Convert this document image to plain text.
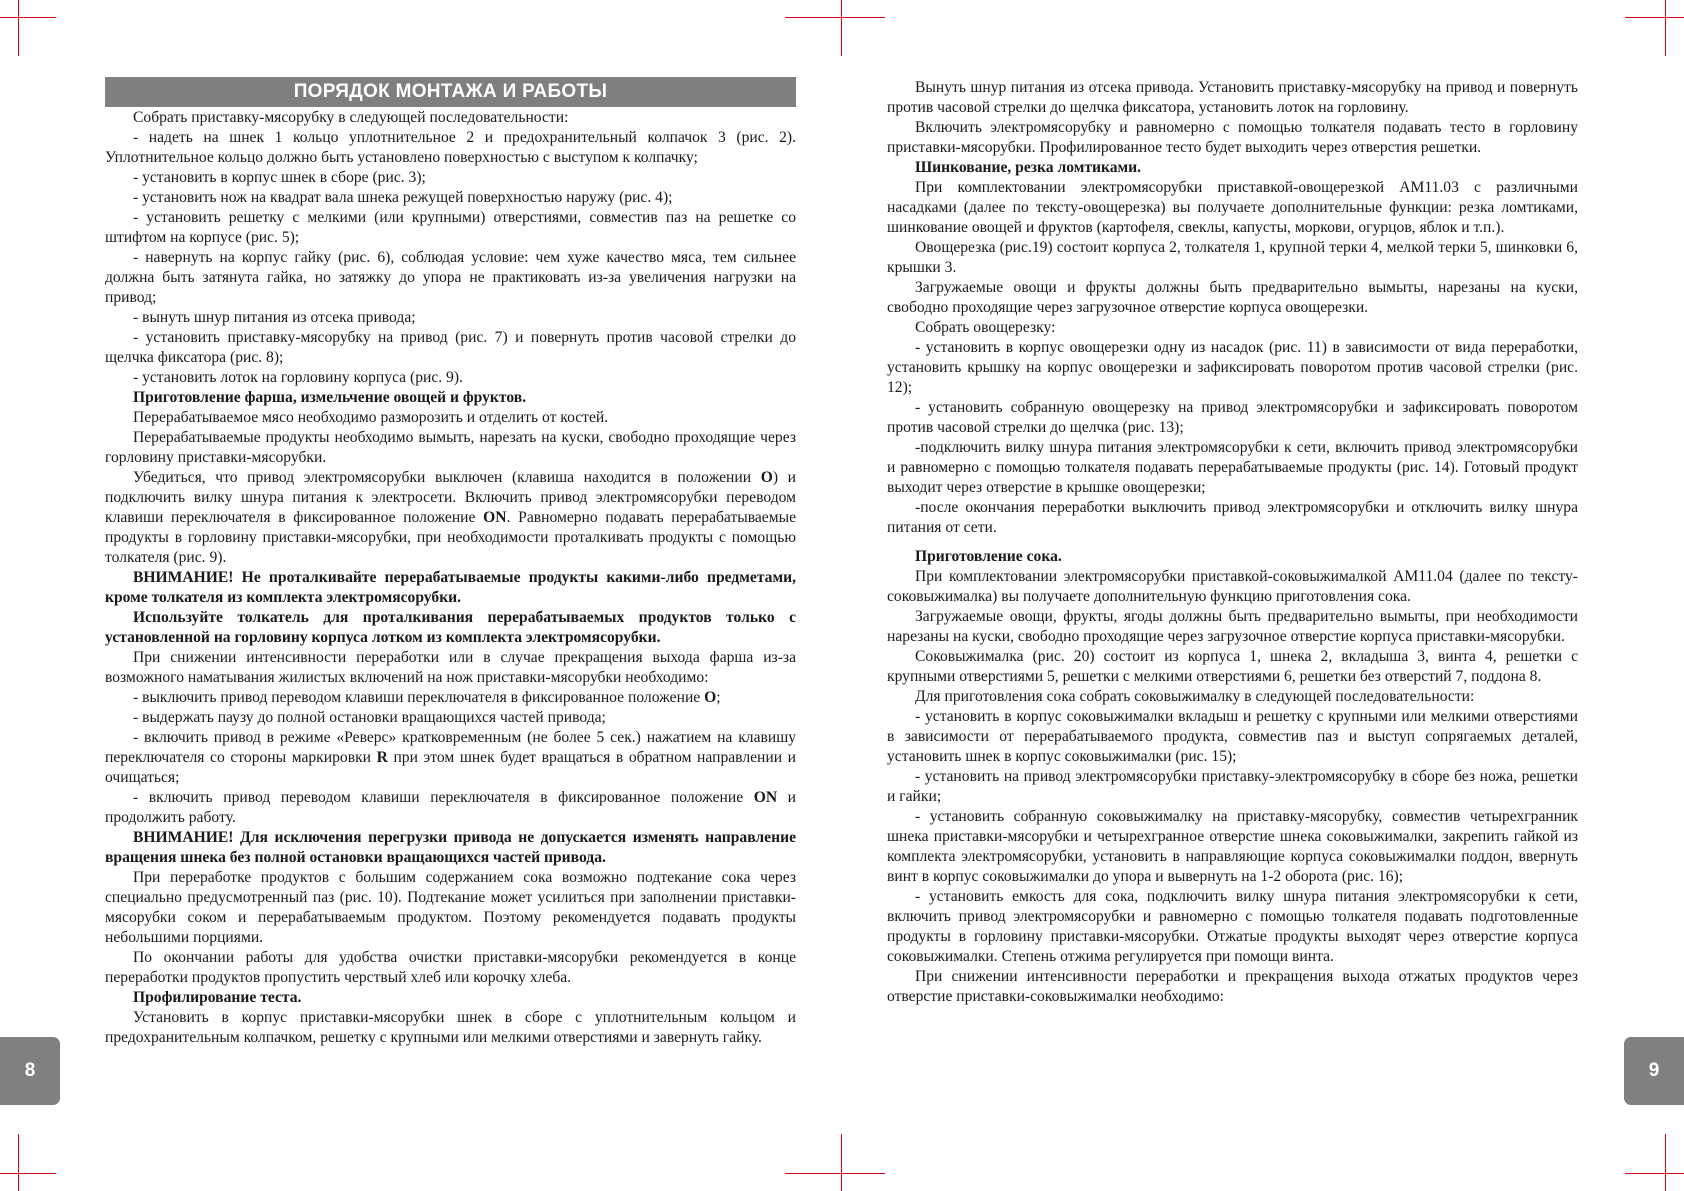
8	9
ПОРЯДОК МОНТАЖА И РАБОТЫ

Собрать приставку-мясорубку в следующей последовательности:

- надеть на шнек 1 кольцо уплотнительное 2 и предохранительный колпачок 3 (рис. 2). Уплотнительное кольцо должно быть установлено поверхностью с выступом к колпачку;

- установить в корпус шнек в сборе (рис. 3);

- установить нож на квадрат вала шнека режущей поверхностью наружу (рис. 4);

- установить решетку с мелкими (или крупными) отверстиями, совместив паз на решетке со штифтом на корпусе (рис. 5);

- навернуть на корпус гайку (рис. 6), соблюдая условие: чем хуже качество мяса, тем сильнее должна быть затянута гайка, но затяжку до упора не практиковать из-за увеличения нагрузки на привод;

- вынуть шнур питания из отсека привода;

- установить приставку-мясорубку на привод (рис. 7) и повернуть против часовой стрелки до щелчка фиксатора (рис. 8);

- установить лоток на горловину корпуса (рис. 9).

Приготовление фарша, измельчение овощей и фруктов.

Перерабатываемое мясо необходимо разморозить и отделить от костей.

Перерабатываемые продукты необходимо вымыть, нарезать на куски, свободно проходящие через горловину приставки-мясорубки.

Убедиться, что привод электромясорубки выключен (клавиша находится в положении O) и подключить вилку шнура питания к электросети. Включить привод электромясорубки переводом клавиши переключателя в фиксированное положение ON. Равномерно подавать перерабатываемые продукты в горловину приставки-мясорубки, при необходимости проталкивать продукты с помощью толкателя (рис. 9).

ВНИМАНИЕ! Не проталкивайте перерабатываемые продукты какими-либо предметами, кроме толкателя из комплекта электромясорубки.

Используйте толкатель для проталкивания перерабатываемых продуктов только с установленной на горловину корпуса лотком из комплекта электромясорубки.

При снижении интенсивности переработки или в случае прекращения выхода фарша из-за возможного наматывания жилистых включений на нож приставки-мясорубки необходимо:

- выключить привод переводом клавиши переключателя в фиксированное положение O;

- выдержать паузу до полной остановки вращающихся частей привода;

- включить привод в режиме «Реверс» кратковременным (не более 5 сек.) нажатием на клавишу переключателя со стороны маркировки R при этом шнек будет вращаться в обратном направлении и очищаться;

- включить привод переводом клавиши переключателя в фиксированное положение ON и продолжить работу.

ВНИМАНИЕ! Для исключения перегрузки привода не допускается изменять направление вращения шнека без полной остановки вращающихся частей привода.

При переработке продуктов с большим содержанием сока возможно подтекание сока через специально предусмотренный паз (рис. 10). Подтекание может усилиться при заполнении приставки-мясорубки соком и перерабатываемым продуктом. Поэтому рекомендуется подавать продукты небольшими порциями.

По окончании работы для удобства очистки приставки-мясорубки рекомендуется в конце переработки продуктов пропустить черствый хлеб или корочку хлеба.

Профилирование теста.

Установить в корпус приставки-мясорубки шнек в сборе с уплотнительным кольцом и предохранительным колпачком, решетку с крупными или мелкими отверстиями и завернуть гайку.

Вынуть шнур питания из отсека привода. Установить приставку-мясорубку на привод и повернуть против часовой стрелки до щелчка фиксатора, установить лоток на горловину.

Включить электромясорубку и равномерно с помощью толкателя подавать тесто в горловину приставки-мясорубки. Профилированное тесто будет выходить через отверстия решетки.

Шинкование, резка ломтиками.

При комплектовании электромясорубки приставкой-овощерезкой АМ11.03 с различными насадками (далее по тексту-овощерезка) вы получаете дополнительные функции: резка ломтиками, шинкование овощей и фруктов (картофеля, свеклы, капусты, моркови, огурцов, яблок и т.п.).

Овощерезка (рис.19) состоит корпуса 2, толкателя 1, крупной терки 4, мелкой терки 5, шинковки 6, крышки 3.

Загружаемые овощи и фрукты должны быть предварительно вымыты, нарезаны на куски, свободно проходящие через загрузочное отверстие корпуса овощерезки.

Собрать овощерезку:

- установить в корпус овощерезки одну из насадок (рис. 11) в зависимости от вида переработки, установить крышку на корпус овощерезки и зафиксировать поворотом против часовой стрелки (рис. 12);

- установить собранную овощерезку на привод электромясорубки и зафиксировать поворотом против часовой стрелки до щелчка (рис. 13);

-подключить вилку шнура питания электромясорубки к сети, включить привод электромясорубки и равномерно с помощью толкателя подавать перерабатываемые продукты (рис. 14). Готовый продукт выходит через отверстие в крышке овощерезки;

-после окончания переработки выключить привод электромясорубки и отключить вилку шнура питания от сети.

Приготовление сока.

При комплектовании электромясорубки приставкой-соковыжималкой АМ11.04 (далее по тексту-соковыжималка) вы получаете дополнительную функцию приготовления сока.

Загружаемые овощи, фрукты, ягоды должны быть предварительно вымыты, при необходимости нарезаны на куски, свободно проходящие через загрузочное отверстие корпуса приставки-мясорубки.

Соковыжималка (рис. 20) состоит из корпуса 1, шнека 2, вкладыша 3, винта 4, решетки с крупными отверстиями 5, решетки с мелкими отверстиями 6, решетки без отверстий 7, поддона 8.

Для приготовления сока собрать соковыжималку в следующей последовательности:

- установить в корпус соковыжималки вкладыш и решетку с крупными или мелкими отверстиями в зависимости от перерабатываемого продукта, совместив паз и выступ сопрягаемых деталей, установить шнек в корпус соковыжималки (рис. 15);

- установить на привод электромясорубки приставку-электромясорубку в сборе без ножа, решетки и гайки;

- установить собранную соковыжималку на приставку-мясорубку, совместив четырехгранник шнека приставки-мясорубки и четырехгранное отверстие шнека соковыжималки, закрепить гайкой из комплекта электромясорубки, установить в направляющие корпуса соковыжималки поддон, ввернуть винт в корпус соковыжималки до упора и вывернуть на 1-2 оборота (рис. 16);

- установить емкость для сока, подключить вилку шнура питания электромясорубки к сети, включить привод электромясорубки и равномерно с помощью толкателя подавать подготовленные продукты в горловину приставки-мясорубки. Отжатые продукты выходят через отверстие корпуса соковыжималки. Степень отжима регулируется при помощи винта.

При снижении интенсивности переработки и прекращения выхода отжатых продуктов через отверстие приставки-соковыжималки необходимо:
